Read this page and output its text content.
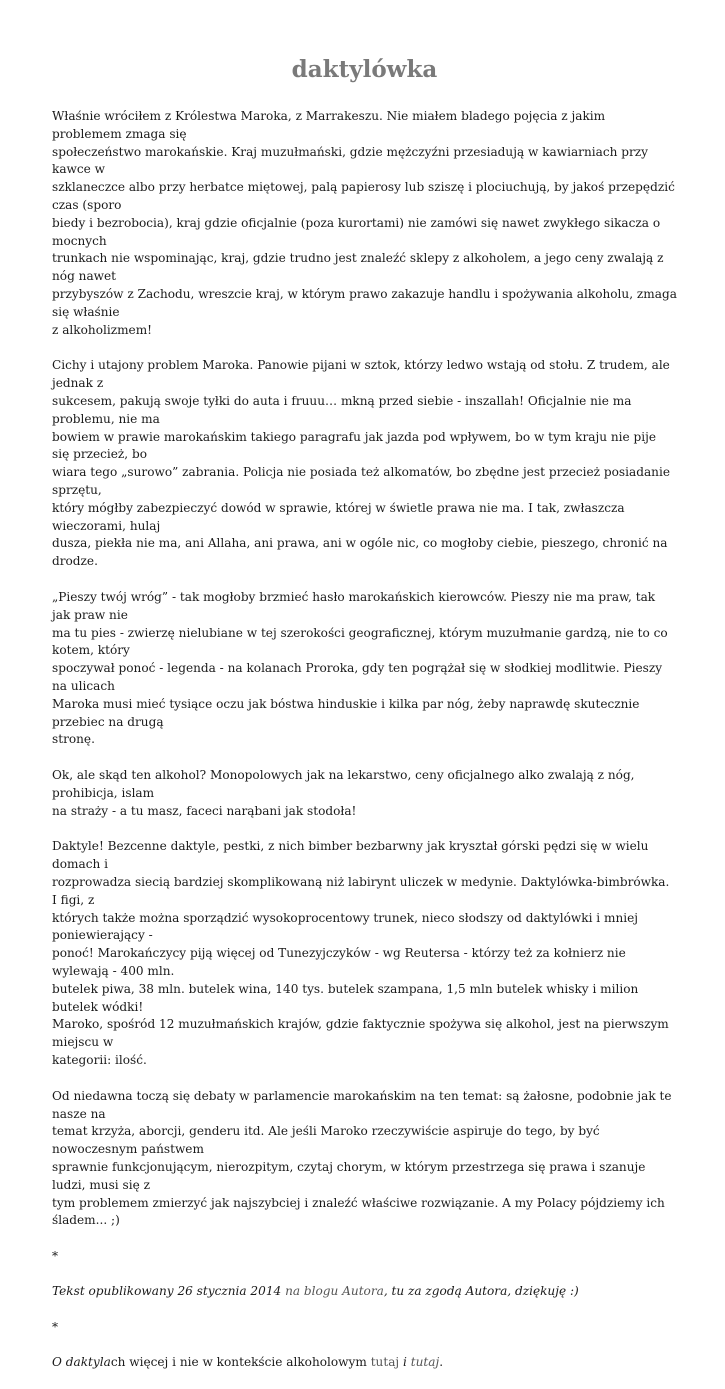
daktylówka

Właśnie wróciłem z Królestwa Maroka, z Marrakeszu. Nie miałem bladego pojęcia z jakim problemem zmaga się
społeczeństwo marokańskie. Kraj muzułmański, gdzie mężczyźni przesiadują w kawiarniach przy kawce w
szklaneczce albo przy herbatce miętowej, palą papierosy lub sziszę i plociuchują, by jakoś przepędzić czas (sporo
biedy i bezrobocia), kraj gdzie oficjalnie (poza kurortami) nie zamówi się nawet zwykłego sikacza o mocnych
trunkach nie wspominając, kraj, gdzie trudno jest znaleźć sklepy z alkoholem, a jego ceny zwalają z nóg nawet
przybyszów z Zachodu, wreszcie kraj, w którym prawo zakazuje handlu i spożywania alkoholu, zmaga się właśnie
z alkoholizmem!

Cichy i utajony problem Maroka. Panowie pijani w sztok, którzy ledwo wstają od stołu. Z trudem, ale jednak z
sukcesem, pakują swoje tyłki do auta i fruuu… mkną przed siebie - inszallah! Oficjalnie nie ma problemu, nie ma
bowiem w prawie marokańskim takiego paragrafu jak jazda pod wpływem, bo w tym kraju nie pije się przecież, bo
wiara tego „surowo” zabrania. Policja nie posiada też alkomatów, bo zbędne jest przecież posiadanie sprzętu,
który mógłby zabezpieczyć dowód w sprawie, której w świetle prawa nie ma. I tak, zwłaszcza wieczorami, hulaj
dusza, piekła nie ma, ani Allaha, ani prawa, ani w ogóle nic, co mogłoby ciebie, pieszego, chronić na drodze.

„Pieszy twój wróg” - tak mogłoby brzmieć hasło marokańskich kierowców. Pieszy nie ma praw, tak jak praw nie
ma tu pies - zwierzę nielubiane w tej szerokości geograficznej, którym muzułmanie gardzą, nie to co kotem, który
spoczywał ponoć - legenda - na kolanach Proroka, gdy ten pogrążał się w słodkiej modlitwie. Pieszy na ulicach
Maroka musi mieć tysiące oczu jak bóstwa hinduskie i kilka par nóg, żeby naprawdę skutecznie przebiec na drugą
stronę.

Ok, ale skąd ten alkohol? Monopolowych jak na lekarstwo, ceny oficjalnego alko zwalają z nóg, prohibicja, islam
na straży - a tu masz, faceci narąbani jak stodoła!

Daktyle! Bezcenne daktyle, pestki, z nich bimber bezbarwny jak kryształ górski pędzi się w wielu domach i
rozprowadza siecią bardziej skomplikowaną niż labirynt uliczek w medynie. Daktylówka-bimbrówka. I figi, z
których także można sporządzić wysokoprocentowy trunek, nieco słodszy od daktylówki i mniej poniewierający -
ponoć! Marokańczycy piją więcej od Tunezyjczyków - wg Reutersa - którzy też za kołnierz nie wylewają - 400 mln.
butelek piwa, 38 mln. butelek wina, 140 tys. butelek szampana, 1,5 mln butelek whisky i milion butelek wódki!
Maroko, spośród 12 muzułmańskich krajów, gdzie faktycznie spożywa się alkohol, jest na pierwszym miejscu w
kategorii: ilość.

Od niedawna toczą się debaty w parlamencie marokańskim na ten temat: są żałosne, podobnie jak te nasze na
temat krzyża, aborcji, genderu itd. Ale jeśli Maroko rzeczywiście aspiruje do tego, by być nowoczesnym państwem
sprawnie funkcjonującym, nierozpitym, czytaj chorym, w którym przestrzega się prawa i szanuje ludzi, musi się z
tym problemem zmierzyć jak najszybciej i znaleźć właściwe rozwiązanie. A my Polacy pójdziemy ich śladem... ;)

*

Tekst opublikowany 26 stycznia 2014 na blogu Autora, tu za zgodą Autora, dziękuję :)

*

O daktylach więcej i nie w kontekście alkoholowym tutaj i tutaj.
